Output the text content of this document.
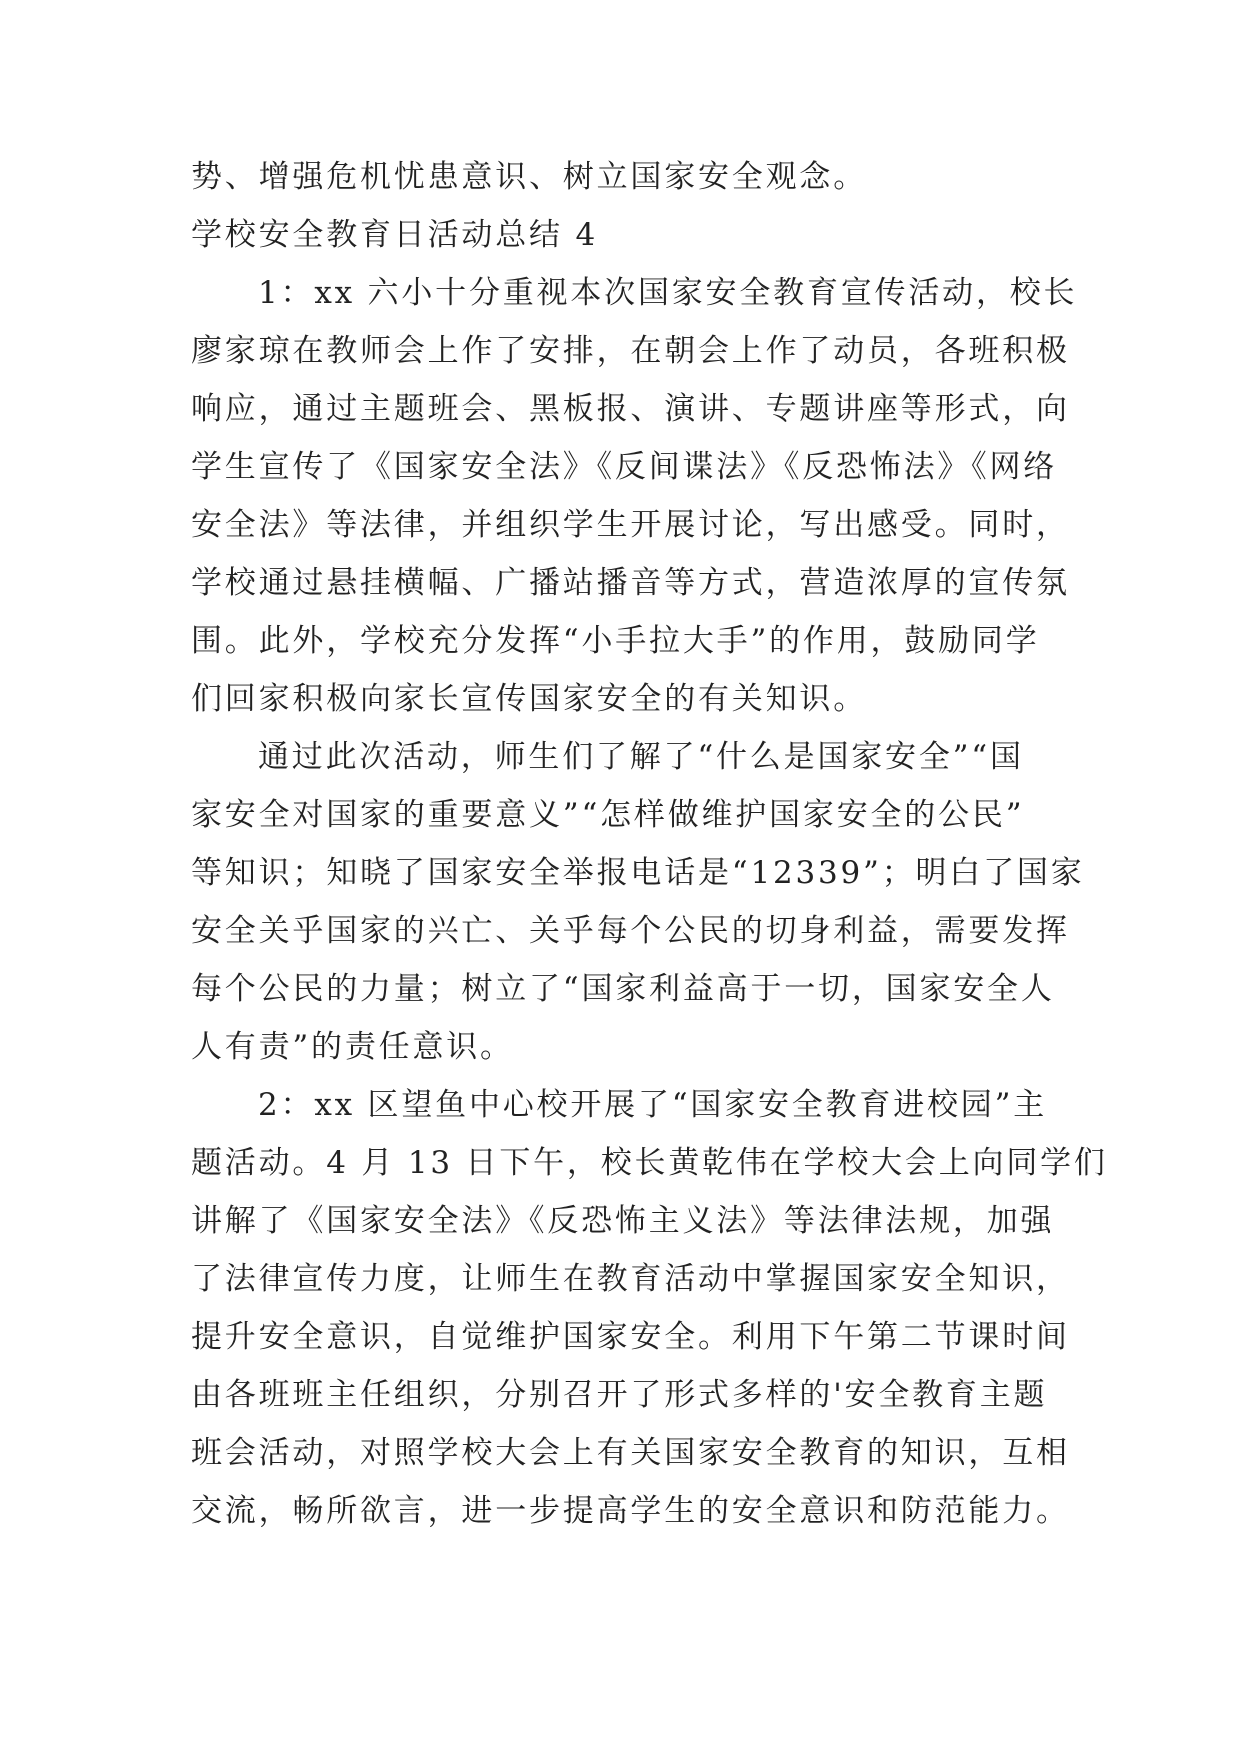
势、增强危机忧患意识、树立国家安全观念。
学校安全教育日活动总结 4
1：xx 六小十分重视本次国家安全教育宣传活动，校长
廖家琼在教师会上作了安排，在朝会上作了动员，各班积极
响应，通过主题班会、黑板报、演讲、专题讲座等形式，向
学生宣传了《国家安全法》《反间谍法》《反恐怖法》《网络
安全法》等法律，并组织学生开展讨论，写出感受。同时，
学校通过悬挂横幅、广播站播音等方式，营造浓厚的宣传氛
围。此外，学校充分发挥“小手拉大手”的作用，鼓励同学
们回家积极向家长宣传国家安全的有关知识。
通过此次活动，师生们了解了“什么是国家安全”“国
家安全对国家的重要意义”“怎样做维护国家安全的公民”
等知识；知晓了国家安全举报电话是“12339”；明白了国家
安全关乎国家的兴亡、关乎每个公民的切身利益，需要发挥
每个公民的力量；树立了“国家利益高于一切，国家安全人
人有责”的责任意识。
2：xx 区望鱼中心校开展了“国家安全教育进校园”主
题活动。4 月 13 日下午，校长黄乾伟在学校大会上向同学们
讲解了《国家安全法》《反恐怖主义法》等法律法规，加强
了法律宣传力度，让师生在教育活动中掌握国家安全知识，
提升安全意识，自觉维护国家安全。利用下午第二节课时间
由各班班主任组织，分别召开了形式多样的'安全教育主题
班会活动，对照学校大会上有关国家安全教育的知识，互相
交流，畅所欲言，进一步提高学生的安全意识和防范能力。
